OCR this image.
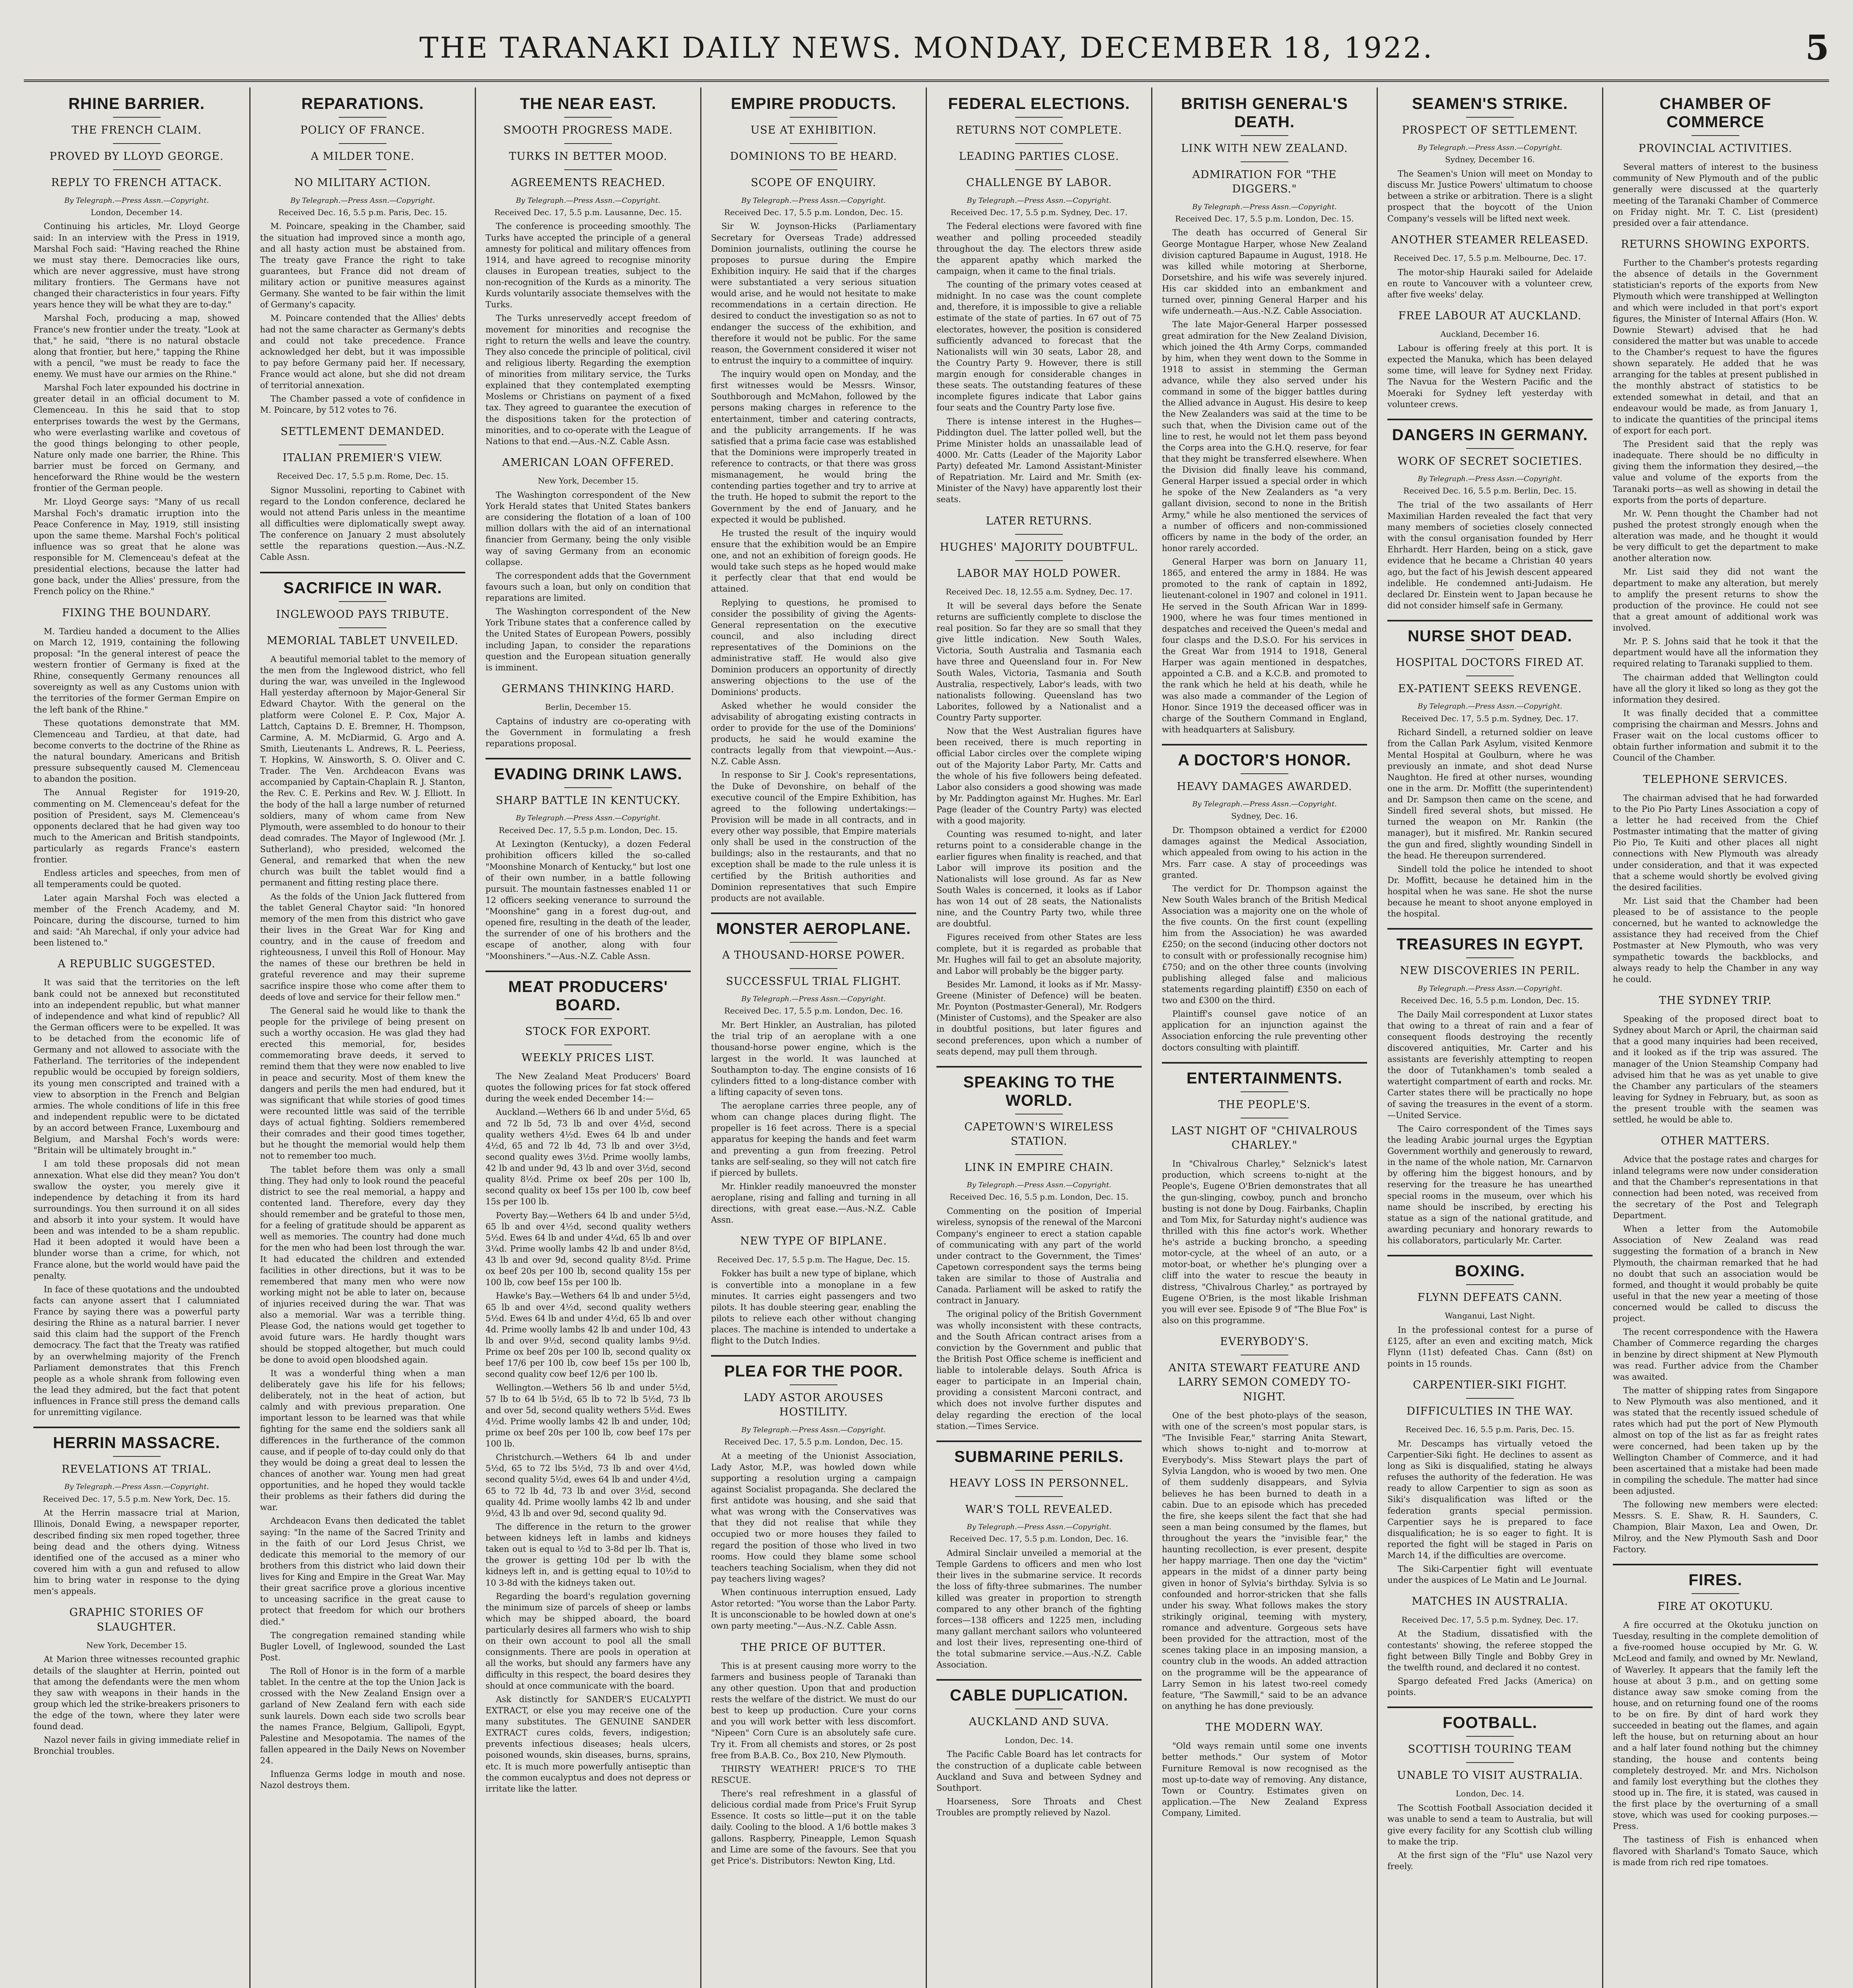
THE TARANAKI DAILY NEWS. MONDAY, DECEMBER 18, 1922.	5
RHINE BARRIER.
THE FRENCH CLAIM.
PROVED BY LLOYD GEORGE.
REPLY TO FRENCH ATTACK.
By Telegraph.—Press Assn.—Copyright.
London, December 14.

Continuing his articles, Mr. Lloyd George said: In an interview with the Press in 1919, Marshal Foch said: "Having reached the Rhine we must stay there. Democracies like ours, which are never aggressive, must have strong military frontiers. The Germans have not changed their characteristics in four years. Fifty years hence they will be what they are to-day."

Marshal Foch, producing a map, showed France's new frontier under the treaty. "Look at that," he said, "there is no natural obstacle along that frontier, but here," tapping the Rhine with a pencil, "we must be ready to face the enemy. We must have our armies on the Rhine."

Marshal Foch later expounded his doctrine in greater detail in an official document to M. Clemenceau. In this he said that to stop enterprises towards the west by the Germans, who were everlasting warlike and covetous of the good things belonging to other people, Nature only made one barrier, the Rhine. This barrier must be forced on Germany, and henceforward the Rhine would be the western frontier of the German people.

Mr. Lloyd George says: "Many of us recall Marshal Foch's dramatic irruption into the Peace Conference in May, 1919, still insisting upon the same theme. Marshal Foch's political influence was so great that he alone was responsible for M. Clemenceau's defeat at the presidential elections, because the latter had gone back, under the Allies' pressure, from the French policy on the Rhine."

FIXING THE BOUNDARY.

M. Tardieu handed a document to the Allies on March 12, 1919, containing the following proposal: "In the general interest of peace the western frontier of Germany is fixed at the Rhine, consequently Germany renounces all sovereignty as well as any Customs union with the territories of the former German Empire on the left bank of the Rhine."

These quotations demonstrate that MM. Clemenceau and Tardieu, at that date, had become converts to the doctrine of the Rhine as the natural boundary. Americans and British pressure subsequently caused M. Clemenceau to abandon the position.

The Annual Register for 1919-20, commenting on M. Clemenceau's defeat for the position of President, says M. Clemenceau's opponents declared that he had given way too much to the American and British standpoints, particularly as regards France's eastern frontier.

Endless articles and speeches, from men of all temperaments could be quoted.

Later again Marshal Foch was elected a member of the French Academy, and M. Poincare, during the discourse, turned to him and said: "Ah Marechal, if only your advice had been listened to."

A REPUBLIC SUGGESTED.

It was said that the territories on the left bank could not be annexed but reconstituted into an independent republic, but what manner of independence and what kind of republic? All the German officers were to be expelled. It was to be detached from the economic life of Germany and not allowed to associate with the Fatherland. The territories of the independent republic would be occupied by foreign soldiers, its young men conscripted and trained with a view to absorption in the French and Belgian armies. The whole conditions of life in this free and independent republic were to be dictated by an accord between France, Luxembourg and Belgium, and Marshal Foch's words were: "Britain will be ultimately brought in."

I am told these proposals did not mean annexation. What else did they mean? You don't swallow the oyster, you merely give it independence by detaching it from its hard surroundings. You then surround it on all sides and absorb it into your system. It would have been and was intended to be a sham republic. Had it been adopted it would have been a blunder worse than a crime, for which, not France alone, but the world would have paid the penalty.

In face of these quotations and the undoubted facts can anyone assert that I calumniated France by saying there was a powerful party desiring the Rhine as a natural barrier. I never said this claim had the support of the French democracy. The fact that the Treaty was ratified by an overwhelming majority of the French Parliament demonstrates that this French people as a whole shrank from following even the lead they admired, but the fact that potent influences in France still press the demand calls for unremitting vigilance.

HERRIN MASSACRE.
REVELATIONS AT TRIAL.
By Telegraph.—Press Assn.—Copyright.
Received Dec. 17, 5.5 p.m. New York, Dec. 15.

At the Herrin massacre trial at Marion, Illinois, Donald Ewing, a newspaper reporter, described finding six men roped together, three being dead and the others dying. Witness identified one of the accused as a miner who covered him with a gun and refused to allow him to bring water in response to the dying men's appeals.

GRAPHIC STORIES OF SLAUGHTER.
New York, December 15.

At Marion three witnesses recounted graphic details of the slaughter at Herrin, pointed out that among the defendants were the men whom they saw with weapons in their hands in the group which led the strike-breakers prisoners to the edge of the town, where they later were found dead.

Nazol never fails in giving immediate relief in Bronchial troubles.

REPARATIONS.
POLICY OF FRANCE.
A MILDER TONE.
NO MILITARY ACTION.
By Telegraph.—Press Assn.—Copyright.
Received Dec. 16, 5.5 p.m. Paris, Dec. 15.

M. Poincare, speaking in the Chamber, said the situation had improved since a month ago, and all hasty action must be abstained from. The treaty gave France the right to take guarantees, but France did not dream of military action or punitive measures against Germany. She wanted to be fair within the limit of Germany's capacity.

M. Poincare contended that the Allies' debts had not the same character as Germany's debts and could not take precedence. France acknowledged her debt, but it was impossible to pay before Germany paid her. If necessary, France would act alone, but she did not dream of territorial annexation.

The Chamber passed a vote of confidence in M. Poincare, by 512 votes to 76.

SETTLEMENT DEMANDED.
ITALIAN PREMIER'S VIEW.
Received Dec. 17, 5.5 p.m. Rome, Dec. 15.

Signor Mussolini, reporting to Cabinet with regard to the London conference, declared he would not attend Paris unless in the meantime all difficulties were diplomatically swept away. The conference on January 2 must absolutely settle the reparations question.—Aus.-N.Z. Cable Assn.

SACRIFICE IN WAR.
INGLEWOOD PAYS TRIBUTE.
MEMORIAL TABLET UNVEILED.

A beautiful memorial tablet to the memory of the men from the Inglewood district, who fell during the war, was unveiled in the Inglewood Hall yesterday afternoon by Major-General Sir Edward Chaytor. With the general on the platform were Colonel E. P. Cox, Major A. Lattch, Captains D. E. Bremner, H. Thompson, Carmine, A. M. McDiarmid, G. Argo and A. Smith, Lieutenants L. Andrews, R. L. Peeriess, T. Hopkins, W. Ainsworth, S. O. Oliver and C. Trader. The Ven. Archdeacon Evans was accompanied by Captain-Chaplain R. J. Stanton, the Rev. C. E. Perkins and Rev. W. J. Elliott. In the body of the hall a large number of returned soldiers, many of whom came from New Plymouth, were assembled to do honour to their dead comrades. The Mayor of Inglewood (Mr. J. Sutherland), who presided, welcomed the General, and remarked that when the new church was built the tablet would find a permanent and fitting resting place there.

As the folds of the Union Jack fluttered from the tablet General Chaytor said: "In honored memory of the men from this district who gave their lives in the Great War for King and country, and in the cause of freedom and righteousness, I unveil this Roll of Honour. May the names of these our brethren be held in grateful reverence and may their supreme sacrifice inspire those who come after them to deeds of love and service for their fellow men."

The General said he would like to thank the people for the privilege of being present on such a worthy occasion. He was glad they had erected this memorial, for, besides commemorating brave deeds, it served to remind them that they were now enabled to live in peace and security. Most of them knew the dangers and perils the men had endured, but it was significant that while stories of good times were recounted little was said of the terrible days of actual fighting. Soldiers remembered their comrades and their good times together, but he thought the memorial would help them not to remember too much.

The tablet before them was only a small thing. They had only to look round the peaceful district to see the real memorial, a happy and contented land. Therefore, every day they should remember and be grateful to those men, for a feeling of gratitude should be apparent as well as memories. The country had done much for the men who had been lost through the war. It had educated the children and extended facilities in other directions, but it was to be remembered that many men who were now working might not be able to later on, because of injuries received during the war. That was also a memorial. War was a terrible thing. Please God, the nations would get together to avoid future wars. He hardly thought wars should be stopped altogether, but much could be done to avoid open bloodshed again.

It was a wonderful thing when a man deliberately gave his life for his fellows; deliberately, not in the heat of action, but calmly and with previous preparation. One important lesson to be learned was that while fighting for the same end the soldiers sank all differences in the furtherance of the common cause, and if people of to-day could only do that they would be doing a great deal to lessen the chances of another war. Young men had great opportunities, and he hoped they would tackle their problems as their fathers did during the war.

Archdeacon Evans then dedicated the tablet saying: "In the name of the Sacred Trinity and in the faith of our Lord Jesus Christ, we dedicate this memorial to the memory of our brothers from this district who laid down their lives for King and Empire in the Great War. May their great sacrifice prove a glorious incentive to unceasing sacrifice in the great cause to protect that freedom for which our brothers died."

The congregation remained standing while Bugler Lovell, of Inglewood, sounded the Last Post.

The Roll of Honor is in the form of a marble tablet. In the centre at the top the Union Jack is crossed with the New Zealand Ensign over a garland of New Zealand fern with each side sunk laurels. Down each side two scrolls bear the names France, Belgium, Gallipoli, Egypt, Palestine and Mesopotamia. The names of the fallen appeared in the Daily News on November 24.

Influenza Germs lodge in mouth and nose. Nazol destroys them.

THE NEAR EAST.
SMOOTH PROGRESS MADE.
TURKS IN BETTER MOOD.
AGREEMENTS REACHED.
By Telegraph.—Press Assn.—Copyright.
Received Dec. 17, 5.5 p.m. Lausanne, Dec. 15.

The conference is proceeding smoothly. The Turks have accepted the principle of a general amnesty for political and military offences from 1914, and have agreed to recognise minority clauses in European treaties, subject to the non-recognition of the Kurds as a minority. The Kurds voluntarily associate themselves with the Turks.

The Turks unreservedly accept freedom of movement for minorities and recognise the right to return the wells and leave the country. They also concede the principle of political, civil and religious liberty. Regarding the exemption of minorities from military service, the Turks explained that they contemplated exempting Moslems or Christians on payment of a fixed tax. They agreed to guarantee the execution of the dispositions taken for the protection of minorities, and to co-operate with the League of Nations to that end.—Aus.-N.Z. Cable Assn.

AMERICAN LOAN OFFERED.
New York, December 15.

The Washington correspondent of the New York Herald states that United States bankers are considering the flotation of a loan of 100 million dollars with the aid of an international financier from Germany, being the only visible way of saving Germany from an economic collapse.

The correspondent adds that the Government favours such a loan, but only on condition that reparations are limited.

The Washington correspondent of the New York Tribune states that a conference called by the United States of European Powers, possibly including Japan, to consider the reparations question and the European situation generally is imminent.

GERMANS THINKING HARD.
Berlin, December 15.

Captains of industry are co-operating with the Government in formulating a fresh reparations proposal.

EVADING DRINK LAWS.
SHARP BATTLE IN KENTUCKY.
By Telegraph.—Press Assn.—Copyright.
Received Dec. 17, 5.5 p.m. London, Dec. 15.

At Lexington (Kentucky), a dozen Federal prohibition officers killed the so-called "Moonshine Monarch of Kentucky," but lost one of their own number, in a battle following pursuit. The mountain fastnesses enabled 11 or 12 officers seeking venerance to surround the "Moonshine" gang in a forest dug-out, and opened fire, resulting in the death of the leader, the surrender of one of his brothers and the escape of another, along with four "Moonshiners."—Aus.-N.Z. Cable Assn.

MEAT PRODUCERS' BOARD.
STOCK FOR EXPORT.
WEEKLY PRICES LIST.

The New Zealand Meat Producers' Board quotes the following prices for fat stock offered during the week ended December 14:—

Auckland.—Wethers 66 lb and under 5½d, 65 and 72 lb 5d, 73 lb and over 4½d, second quality wethers 4½d. Ewes 64 lb and under 4½d, 65 and 72 lb 4d, 73 lb and over 3½d, second quality ewes 3½d. Prime woolly lambs, 42 lb and under 9d, 43 lb and over 3½d, second quality 8½d. Prime ox beef 20s per 100 lb, second quality ox beef 15s per 100 lb, cow beef 15s per 100 lb.

Poverty Bay.—Wethers 64 lb and under 5½d, 65 lb and over 4½d, second quality wethers 5½d. Ewes 64 lb and under 4¼d, 65 lb and over 3¼d. Prime woolly lambs 42 lb and under 8½d, 43 lb and over 9d, second quality 8½d. Prime ox beef 20s per 100 lb, second quality 15s per 100 lb, cow beef 15s per 100 lb.

Hawke's Bay.—Wethers 64 lb and under 5½d, 65 lb and over 4½d, second quality wethers 5½d. Ewes 64 lb and under 4½d, 65 lb and over 4d. Prime woolly lambs 42 lb and under 10d, 43 lb and over 9½d, second quality lambs 9½d. Prime ox beef 20s per 100 lb, second quality ox beef 17/6 per 100 lb, cow beef 15s per 100 lb, second quality cow beef 12/6 per 100 lb.

Wellington.—Wethers 56 lb and under 5½d, 57 lb to 64 lb 5½d, 65 lb to 72 lb 5½d, 73 lb and over 5d, second quality wethers 5½d. Ewes 4½d. Prime woolly lambs 42 lb and under, 10d; prime ox beef 20s per 100 lb, cow beef 17s per 100 lb.

Christchurch.—Wethers 64 lb and under 5½d, 65 to 72 lbs 5½d, 73 lb and over 4½d, second quality 5½d, ewes 64 lb and under 4½d, 65 to 72 lb 4d, 73 lb and over 3½d, second quality 4d. Prime woolly lambs 42 lb and under 9½d, 43 lb and over 9d, second quality 9d.

The difference in the return to the grower between kidneys left in lambs and kidneys taken out is equal to ½d to 3-8d per lb. That is, the grower is getting 10d per lb with the kidneys left in, and is getting equal to 10½d to 10 3-8d with the kidneys taken out.

Regarding the board's regulation governing the minimum size of parcels of sheep or lambs which may be shipped aboard, the board particularly desires all farmers who wish to ship on their own account to pool all the small consignments. There are pools in operation at all the works, but should any farmers have any difficulty in this respect, the board desires they should at once communicate with the board.

Ask distinctly for SANDER'S EUCALYPTI EXTRACT, or else you may receive one of the many substitutes. The GENUINE SANDER EXTRACT cures colds, fevers, indigestion; prevents infectious diseases; heals ulcers, poisoned wounds, skin diseases, burns, sprains, etc. It is much more powerfully antiseptic than the common eucalyptus and does not depress or irritate like the latter.

EMPIRE PRODUCTS.
USE AT EXHIBITION.
DOMINIONS TO BE HEARD.
SCOPE OF ENQUIRY.
By Telegraph.—Press Assn.—Copyright.
Received Dec. 17, 5.5 p.m. London, Dec. 15.

Sir W. Joynson-Hicks (Parliamentary Secretary for Overseas Trade) addressed Dominion journalists, outlining the course he proposes to pursue during the Empire Exhibition inquiry. He said that if the charges were substantiated a very serious situation would arise, and he would not hesitate to make recommendations in a certain direction. He desired to conduct the investigation so as not to endanger the success of the exhibition, and therefore it would not be public. For the same reason, the Government considered it wiser not to entrust the inquiry to a committee of inquiry.

The inquiry would open on Monday, and the first witnesses would be Messrs. Winsor, Southborough and McMahon, followed by the persons making charges in reference to the entertainment, timber and catering contracts, and the publicity arrangements. If he was satisfied that a prima facie case was established that the Dominions were improperly treated in reference to contracts, or that there was gross mismanagement, he would bring the contending parties together and try to arrive at the truth. He hoped to submit the report to the Government by the end of January, and he expected it would be published.

He trusted the result of the inquiry would ensure that the exhibition would be an Empire one, and not an exhibition of foreign goods. He would take such steps as he hoped would make it perfectly clear that that end would be attained.

Replying to questions, he promised to consider the possibility of giving the Agents-General representation on the executive council, and also including direct representatives of the Dominions on the administrative staff. He would also give Dominion producers an opportunity of directly answering objections to the use of the Dominions' products.

Asked whether he would consider the advisability of abrogating existing contracts in order to provide for the use of the Dominions' products, he said he would examine the contracts legally from that viewpoint.—Aus.-N.Z. Cable Assn.

In response to Sir J. Cook's representations, the Duke of Devonshire, on behalf of the executive council of the Empire Exhibition, has agreed to the following undertakings:—Provision will be made in all contracts, and in every other way possible, that Empire materials only shall be used in the construction of the buildings; also in the restaurants, and that no exception shall be made to the rule unless it is certified by the British authorities and Dominion representatives that such Empire products are not available.

MONSTER AEROPLANE.
A THOUSAND-HORSE POWER.
SUCCESSFUL TRIAL FLIGHT.
By Telegraph.—Press Assn.—Copyright.
Received Dec. 17, 5.5 p.m. London, Dec. 16.

Mr. Bert Hinkler, an Australian, has piloted the trial trip of an aeroplane with a one thousand-horse power engine, which is the largest in the world. It was launched at Southampton to-day. The engine consists of 16 cylinders fitted to a long-distance comber with a lifting capacity of seven tons.

The aeroplane carries three people, any of whom can change places during flight. The propeller is 16 feet across. There is a special apparatus for keeping the hands and feet warm and preventing a gun from freezing. Petrol tanks are self-sealing, so they will not catch fire if pierced by bullets.

Mr. Hinkler readily manoeuvred the monster aeroplane, rising and falling and turning in all directions, with great ease.—Aus.-N.Z. Cable Assn.

NEW TYPE OF BIPLANE.
Received Dec. 17, 5.5 p.m. The Hague, Dec. 15.

Fokker has built a new type of biplane, which is convertible into a monoplane in a few minutes. It carries eight passengers and two pilots. It has double steering gear, enabling the pilots to relieve each other without changing places. The machine is intended to undertake a flight to the Dutch Indies.

PLEA FOR THE POOR.
LADY ASTOR AROUSES HOSTILITY.
By Telegraph.—Press Assn.—Copyright.
Received Dec. 17, 5.5 p.m. London, Dec. 15.

At a meeting of the Unionist Association, Lady Astor, M.P., was howled down while supporting a resolution urging a campaign against Socialist propaganda. She declared the first antidote was housing, and she said that what was wrong with the Conservatives was that they did not realise that while they occupied two or more houses they failed to regard the position of those who lived in two rooms. How could they blame some school teachers teaching Socialism, when they did not pay teachers living wages?

When continuous interruption ensued, Lady Astor retorted: "You worse than the Labor Party. It is unconscionable to be howled down at one's own party meeting."—Aus.-N.Z. Cable Assn.

THE PRICE OF BUTTER.

This is at present causing more worry to the farmers and business people of Taranaki than any other question. Upon that and production rests the welfare of the district. We must do our best to keep up production. Cure your corns and you will work better with less discomfort. "Nipeen" Corn Cure is an absolutely safe cure. Try it. From all chemists and stores, or 2s post free from B.A.B. Co., Box 210, New Plymouth.

THIRSTY WEATHER! PRICE'S TO THE RESCUE.

There's real refreshment in a glassful of delicious cordial made from Price's Fruit Syrup Essence. It costs so little—put it on the table daily. Cooling to the blood. A 1/6 bottle makes 3 gallons. Raspberry, Pineapple, Lemon Squash and Lime are some of the favours. See that you get Price's. Distributors: Newton King, Ltd.

FEDERAL ELECTIONS.
RETURNS NOT COMPLETE.
LEADING PARTIES CLOSE.
CHALLENGE BY LABOR.
By Telegraph.—Press Assn.—Copyright.
Received Dec. 17, 5.5 p.m. Sydney, Dec. 17.

The Federal elections were favored with fine weather and polling proceeded steadily throughout the day. The electors threw aside the apparent apathy which marked the campaign, when it came to the final trials.

The counting of the primary votes ceased at midnight. In no case was the count complete and, therefore, it is impossible to give a reliable estimate of the state of parties. In 67 out of 75 electorates, however, the position is considered sufficiently advanced to forecast that the Nationalists will win 30 seats, Labor 28, and the Country Party 9. However, there is still margin enough for considerable changes in these seats. The outstanding features of these incomplete figures indicate that Labor gains four seats and the Country Party lose five.

There is intense interest in the Hughes—Piddington duel. The latter polled well, but the Prime Minister holds an unassailable lead of 4000. Mr. Catts (Leader of the Majority Labor Party) defeated Mr. Lamond Assistant-Minister of Repatriation. Mr. Laird and Mr. Smith (ex-Minister of the Navy) have apparently lost their seats.

LATER RETURNS.
HUGHES' MAJORITY DOUBTFUL.
LABOR MAY HOLD POWER.
Received Dec. 18, 12.55 a.m. Sydney, Dec. 17.

It will be several days before the Senate returns are sufficiently complete to disclose the real position. So far they are so small that they give little indication. New South Wales, Victoria, South Australia and Tasmania each have three and Queensland four in. For New South Wales, Victoria, Tasmania and South Australia, respectively, Labor's leads, with two nationalists following. Queensland has two Laborites, followed by a Nationalist and a Country Party supporter.

Now that the West Australian figures have been received, there is much reporting in official Labor circles over the complete wiping out of the Majority Labor Party, Mr. Catts and the whole of his five followers being defeated. Labor also considers a good showing was made by Mr. Paddington against Mr. Hughes. Mr. Earl Page (leader of the Country Party) was elected with a good majority.

Counting was resumed to-night, and later returns point to a considerable change in the earlier figures when finality is reached, and that Labor will improve its position and the Nationalists will lose ground. As far as New South Wales is concerned, it looks as if Labor has won 14 out of 28 seats, the Nationalists nine, and the Country Party two, while three are doubtful.

Figures received from other States are less complete, but it is regarded as probable that Mr. Hughes will fail to get an absolute majority, and Labor will probably be the bigger party.

Besides Mr. Lamond, it looks as if Mr. Massy-Greene (Minister of Defence) will be beaten. Mr. Poynton (Postmaster-General), Mr. Rodgers (Minister of Customs), and the Speaker are also in doubtful positions, but later figures and second preferences, upon which a number of seats depend, may pull them through.

SPEAKING TO THE WORLD.
CAPETOWN'S WIRELESS STATION.
LINK IN EMPIRE CHAIN.
By Telegraph.—Press Assn.—Copyright.
Received Dec. 16, 5.5 p.m. London, Dec. 15.

Commenting on the position of Imperial wireless, synopsis of the renewal of the Marconi Company's engineer to erect a station capable of communicating with any part of the world under contract to the Government, the Times' Capetown correspondent says the terms being taken are similar to those of Australia and Canada. Parliament will be asked to ratify the contract in January.

The original policy of the British Government was wholly inconsistent with these contracts, and the South African contract arises from a conviction by the Government and public that the British Post Office scheme is inefficient and liable to intolerable delays. South Africa is eager to participate in an Imperial chain, providing a consistent Marconi contract, and which does not involve further disputes and delay regarding the erection of the local station.—Times Service.

SUBMARINE PERILS.
HEAVY LOSS IN PERSONNEL.
WAR'S TOLL REVEALED.
By Telegraph.—Press Assn.—Copyright.
Received Dec. 17, 5.5 p.m. London, Dec. 16.

Admiral Sinclair unveiled a memorial at the Temple Gardens to officers and men who lost their lives in the submarine service. It records the loss of fifty-three submarines. The number killed was greater in proportion to strength compared to any other branch of the fighting forces—138 officers and 1225 men, including many gallant merchant sailors who volunteered and lost their lives, representing one-third of the total submarine service.—Aus.-N.Z. Cable Association.

CABLE DUPLICATION.
AUCKLAND AND SUVA.
London, Dec. 14.

The Pacific Cable Board has let contracts for the construction of a duplicate cable between Auckland and Suva and between Sydney and Southport.

Hoarseness, Sore Throats and Chest Troubles are promptly relieved by Nazol.

BRITISH GENERAL'S DEATH.
LINK WITH NEW ZEALAND.
ADMIRATION FOR "THE DIGGERS."
By Telegraph.—Press Assn.—Copyright.
Received Dec. 17, 5.5 p.m. London, Dec. 15.

The death has occurred of General Sir George Montague Harper, whose New Zealand division captured Bapaume in August, 1918. He was killed while motoring at Sherborne, Dorsetshire, and his wife was severely injured. His car skidded into an embankment and turned over, pinning General Harper and his wife underneath.—Aus.-N.Z. Cable Association.

The late Major-General Harper possessed great admiration for the New Zealand Division, which joined the 4th Army Corps, commanded by him, when they went down to the Somme in 1918 to assist in stemming the German advance, while they also served under his command in some of the bigger battles during the Allied advance in August. His desire to keep the New Zealanders was said at the time to be such that, when the Division came out of the line to rest, he would not let them pass beyond the Corps area into the G.H.Q. reserve, for fear that they might be transferred elsewhere. When the Division did finally leave his command, General Harper issued a special order in which he spoke of the New Zealanders as "a very gallant division, second to none in the British Army," while he also mentioned the services of a number of officers and non-commissioned officers by name in the body of the order, an honor rarely accorded.

General Harper was born on January 11, 1865, and entered the army in 1884. He was promoted to the rank of captain in 1892, lieutenant-colonel in 1907 and colonel in 1911. He served in the South African War in 1899-1900, where he was four times mentioned in despatches and received the Queen's medal and four clasps and the D.S.O. For his services in the Great War from 1914 to 1918, General Harper was again mentioned in despatches, appointed a C.B. and a K.C.B. and promoted to the rank which he held at his death, while he was also made a commander of the Legion of Honor. Since 1919 the deceased officer was in charge of the Southern Command in England, with headquarters at Salisbury.

A DOCTOR'S HONOR.
HEAVY DAMAGES AWARDED.
By Telegraph.—Press Assn.—Copyright.
Sydney, Dec. 16.

Dr. Thompson obtained a verdict for £2000 damages against the Medical Association, which appealed from owing to his action in the Mrs. Farr case. A stay of proceedings was granted.

The verdict for Dr. Thompson against the New South Wales branch of the British Medical Association was a majority one on the whole of the five counts. On the first count (expelling him from the Association) he was awarded £250; on the second (inducing other doctors not to consult with or professionally recognise him) £750; and on the other three counts (involving publishing alleged false and malicious statements regarding plaintiff) £350 on each of two and £300 on the third.

Plaintiff's counsel gave notice of an application for an injunction against the Association enforcing the rule preventing other doctors consulting with plaintiff.

ENTERTAINMENTS.
THE PEOPLE'S.
LAST NIGHT OF "CHIVALROUS CHARLEY."

In "Chivalrous Charley," Selznick's latest production, which screens to-night at the People's, Eugene O'Brien demonstrates that all the gun-slinging, cowboy, punch and broncho busting is not done by Doug. Fairbanks, Chaplin and Tom Mix, for Saturday night's audience was thrilled with this fine actor's work. Whether he's astride a bucking broncho, a speeding motor-cycle, at the wheel of an auto, or a motor-boat, or whether he's plunging over a cliff into the water to rescue the beauty in distress, "Chivalrous Charley," as portrayed by Eugene O'Brien, is the most likable Irishman you will ever see. Episode 9 of "The Blue Fox" is also on this programme.

EVERYBODY'S.
ANITA STEWART FEATURE AND LARRY SEMON COMEDY TO-NIGHT.

One of the best photo-plays of the season, with one of the screen's most popular stars, is "The Invisible Fear," starring Anita Stewart, which shows to-night and to-morrow at Everybody's. Miss Stewart plays the part of Sylvia Langdon, who is wooed by two men. One of them suddenly disappears, and Sylvia believes he has been burned to death in a cabin. Due to an episode which has preceded the fire, she keeps silent the fact that she had seen a man being consumed by the flames, but throughout the years the "invisible fear," the haunting recollection, is ever present, despite her happy marriage. Then one day the "victim" appears in the midst of a dinner party being given in honor of Sylvia's birthday. Sylvia is so confounded and horror-stricken that she falls under his sway. What follows makes the story strikingly original, teeming with mystery, romance and adventure. Gorgeous sets have been provided for the attraction, most of the scenes taking place in an imposing mansion, a country club in the woods. An added attraction on the programme will be the appearance of Larry Semon in his latest two-reel comedy feature, "The Sawmill," said to be an advance on anything he has done previously.

THE MODERN WAY.

"Old ways remain until some one invents better methods." Our system of Motor Furniture Removal is now recognised as the most up-to-date way of removing. Any distance, Town or Country. Estimates given on application.—The New Zealand Express Company, Limited.

SEAMEN'S STRIKE.
PROSPECT OF SETTLEMENT.
By Telegraph.—Press Assn.—Copyright.
Sydney, December 16.

The Seamen's Union will meet on Monday to discuss Mr. Justice Powers' ultimatum to choose between a strike or arbitration. There is a slight prospect that the boycott of the Union Company's vessels will be lifted next week.

ANOTHER STEAMER RELEASED.
Received Dec. 17, 5.5 p.m. Melbourne, Dec. 17.

The motor-ship Hauraki sailed for Adelaide en route to Vancouver with a volunteer crew, after five weeks' delay.

FREE LABOUR AT AUCKLAND.
Auckland, December 16.

Labour is offering freely at this port. It is expected the Manuka, which has been delayed some time, will leave for Sydney next Friday. The Navua for the Western Pacific and the Moeraki for Sydney left yesterday with volunteer crews.

DANGERS IN GERMANY.
WORK OF SECRET SOCIETIES.
By Telegraph.—Press Assn.—Copyright.
Received Dec. 16, 5.5 p.m. Berlin, Dec. 15.

The trial of the two assailants of Herr Maximilian Harden revealed the fact that very many members of societies closely connected with the consul organisation founded by Herr Ehrhardt. Herr Harden, being on a stick, gave evidence that he became a Christian 40 years ago, but the fact of his Jewish descent appeared indelible. He condemned anti-Judaism. He declared Dr. Einstein went to Japan because he did not consider himself safe in Germany.

NURSE SHOT DEAD.
HOSPITAL DOCTORS FIRED AT.
EX-PATIENT SEEKS REVENGE.
By Telegraph.—Press Assn.—Copyright.
Received Dec. 17, 5.5 p.m. Sydney, Dec. 17.

Richard Sindell, a returned soldier on leave from the Callan Park Asylum, visited Kenmore Mental Hospital at Goulburn, where he was previously an inmate, and shot dead Nurse Naughton. He fired at other nurses, wounding one in the arm. Dr. Moffitt (the superintendent) and Dr. Sampson then came on the scene, and Sindell fired several shots, but missed. He turned the weapon on Mr. Rankin (the manager), but it misfired. Mr. Rankin secured the gun and fired, slightly wounding Sindell in the head. He thereupon surrendered.

Sindell told the police he intended to shoot Dr. Moffitt, because he detained him in the hospital when he was sane. He shot the nurse because he meant to shoot anyone employed in the hospital.

TREASURES IN EGYPT.
NEW DISCOVERIES IN PERIL.
By Telegraph.—Press Assn.—Copyright.
Received Dec. 16, 5.5 p.m. London, Dec. 15.

The Daily Mail correspondent at Luxor states that owing to a threat of rain and a fear of consequent floods destroying the recently discovered antiquities, Mr. Carter and his assistants are feverishly attempting to reopen the door of Tutankhamen's tomb sealed a watertight compartment of earth and rocks. Mr. Carter states there will be practically no hope of saving the treasures in the event of a storm.—United Service.

The Cairo correspondent of the Times says the leading Arabic journal urges the Egyptian Government worthily and generously to reward, in the name of the whole nation, Mr. Carnarvon by offering him the biggest honours, and by reserving for the treasure he has unearthed special rooms in the museum, over which his name should be inscribed, by erecting his statue as a sign of the national gratitude, and awarding pecuniary and honorary rewards to his collaborators, particularly Mr. Carter.

BOXING.
FLYNN DEFEATS CANN.
Wanganui, Last Night.

In the professional contest for a purse of £125, after an even and exciting match, Mick Flynn (11st) defeated Chas. Cann (8st) on points in 15 rounds.

CARPENTIER-SIKI FIGHT.
DIFFICULTIES IN THE WAY.
Received Dec. 16, 5.5 p.m. Paris, Dec. 15.

Mr. Descamps has virtually vetoed the Carpentier-Siki fight. He declines to assent as long as Siki is disqualified, stating he always refuses the authority of the federation. He was ready to allow Carpentier to sign as soon as Siki's disqualification was lifted or the federation grants special permission. Carpentier says he is prepared to face disqualification; he is so eager to fight. It is reported the fight will be staged in Paris on March 14, if the difficulties are overcome.

The Siki-Carpentier fight will eventuate under the auspices of Le Matin and Le Journal.

MATCHES IN AUSTRALIA.
Received Dec. 17, 5.5 p.m. Sydney, Dec. 17.

At the Stadium, dissatisfied with the contestants' showing, the referee stopped the fight between Billy Tingle and Bobby Grey in the twelfth round, and declared it no contest.

Spargo defeated Fred Jacks (America) on points.

FOOTBALL.
SCOTTISH TOURING TEAM
UNABLE TO VISIT AUSTRALIA.
London, Dec. 14.

The Scottish Football Association decided it was unable to send a team to Australia, but will give every facility for any Scottish club willing to make the trip.

At the first sign of the "Flu" use Nazol very freely.

CHAMBER OF COMMERCE
PROVINCIAL ACTIVITIES.

Several matters of interest to the business community of New Plymouth and of the public generally were discussed at the quarterly meeting of the Taranaki Chamber of Commerce on Friday night. Mr. T. C. List (president) presided over a fair attendance.

RETURNS SHOWING EXPORTS.

Further to the Chamber's protests regarding the absence of details in the Government statistician's reports of the exports from New Plymouth which were transhipped at Wellington and which were included in that port's export figures, the Minister of Internal Affairs (Hon. W. Downie Stewart) advised that he had considered the matter but was unable to accede to the Chamber's request to have the figures shown separately. He added that he was arranging for the tables at present published in the monthly abstract of statistics to be extended somewhat in detail, and that an endeavour would be made, as from January 1, to indicate the quantities of the principal items of export for each port.

The President said that the reply was inadequate. There should be no difficulty in giving them the information they desired,—the value and volume of the exports from the Taranaki ports—as well as showing in detail the exports from the ports of departure.

Mr. W. Penn thought the Chamber had not pushed the protest strongly enough when the alteration was made, and he thought it would be very difficult to get the department to make another alteration now.

Mr. List said they did not want the department to make any alteration, but merely to amplify the present returns to show the production of the province. He could not see that a great amount of additional work was involved.

Mr. P. S. Johns said that he took it that the department would have all the information they required relating to Taranaki supplied to them.

The chairman added that Wellington could have all the glory it liked so long as they got the information they desired.

It was finally decided that a committee comprising the chairman and Messrs. Johns and Fraser wait on the local customs officer to obtain further information and submit it to the Council of the Chamber.

TELEPHONE SERVICES.

The chairman advised that he had forwarded to the Pio Pio Party Lines Association a copy of a letter he had received from the Chief Postmaster intimating that the matter of giving Pio Pio, Te Kuiti and other places all night connections with New Plymouth was already under consideration, and that it was expected that a scheme would shortly be evolved giving the desired facilities.

Mr. List said that the Chamber had been pleased to be of assistance to the people concerned, but he wanted to acknowledge the assistance they had received from the Chief Postmaster at New Plymouth, who was very sympathetic towards the backblocks, and always ready to help the Chamber in any way he could.

THE SYDNEY TRIP.

Speaking of the proposed direct boat to Sydney about March or April, the chairman said that a good many inquiries had been received, and it looked as if the trip was assured. The manager of the Union Steamship Company had advised him that he was as yet unable to give the Chamber any particulars of the steamers leaving for Sydney in February, but, as soon as the present trouble with the seamen was settled, he would be able to.

OTHER MATTERS.

Advice that the postage rates and charges for inland telegrams were now under consideration and that the Chamber's representations in that connection had been noted, was received from the secretary of the Post and Telegraph Department.

When a letter from the Automobile Association of New Zealand was read suggesting the formation of a branch in New Plymouth, the chairman remarked that he had no doubt that such an association would be formed, and thought it would probably be quite useful in that the new year a meeting of those concerned would be called to discuss the project.

The recent correspondence with the Hawera Chamber of Commerce regarding the charges in benzine by direct shipment at New Plymouth was read. Further advice from the Chamber was awaited.

The matter of shipping rates from Singapore to New Plymouth was also mentioned, and it was stated that the recently issued schedule of rates which had put the port of New Plymouth almost on top of the list as far as freight rates were concerned, had been taken up by the Wellington Chamber of Commerce, and it had been ascertained that a mistake had been made in compiling the schedule. The matter had since been adjusted.

The following new members were elected: Messrs. S. E. Shaw, R. H. Saunders, C. Champion, Blair Maxon, Lea and Owen, Dr. Milroy, and the New Plymouth Sash and Door Factory.

FIRES.
FIRE AT OKOTUKU.

A fire occurred at the Okotuku junction on Tuesday, resulting in the complete demolition of a five-roomed house occupied by Mr. G. W. McLeod and family, and owned by Mr. Newland, of Waverley. It appears that the family left the house at about 3 p.m., and on getting some distance away saw smoke coming from the house, and on returning found one of the rooms to be on fire. By dint of hard work they succeeded in beating out the flames, and again left the house, but on returning about an hour and a half later found nothing but the chimney standing, the house and contents being completely destroyed. Mr. and Mrs. Nicholson and family lost everything but the clothes they stood up in. The fire, it is stated, was caused in the first place by the overturning of a small stove, which was used for cooking purposes.—Press.

The tastiness of Fish is enhanced when flavored with Sharland's Tomato Sauce, which is made from rich red ripe tomatoes.
